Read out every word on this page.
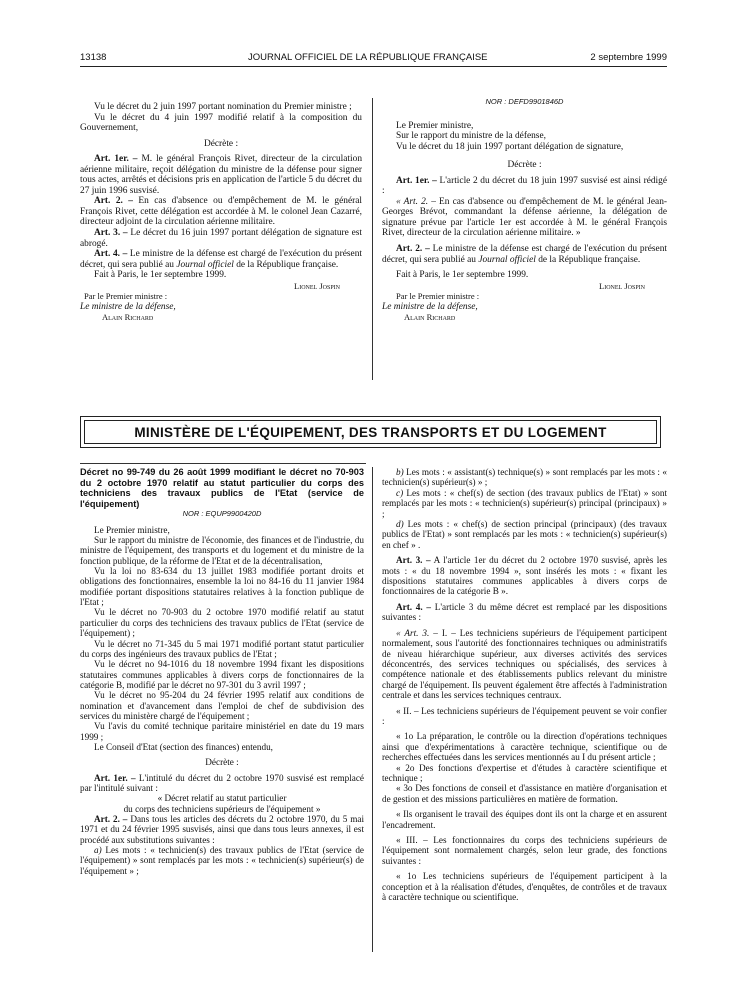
13138	JOURNAL OFFICIEL DE LA RÉPUBLIQUE FRANÇAISE	2 septembre 1999

Vu le décret du 2 juin 1997 portant nomination du Premier ministre ;

Vu le décret du 4 juin 1997 modifié relatif à la composition du Gouvernement,

Décrète :

Art. 1er. – M. le général François Rivet, directeur de la circulation aérienne militaire, reçoit délégation du ministre de la défense pour signer tous actes, arrêtés et décisions pris en application de l'article 5 du décret du 27 juin 1996 susvisé.

Art. 2. – En cas d'absence ou d'empêchement de M. le général François Rivet, cette délégation est accordée à M. le colonel Jean Cazarré, directeur adjoint de la circulation aérienne militaire.

Art. 3. – Le décret du 16 juin 1997 portant délégation de signature est abrogé.

Art. 4. – Le ministre de la défense est chargé de l'exécution du présent décret, qui sera publié au Journal officiel de la République française.

Fait à Paris, le 1er septembre 1999.

Lionel Jospin

Par le Premier ministre :

Le ministre de la défense,

Alain Richard

NOR : DEFD9901846D

Le Premier ministre,

Sur le rapport du ministre de la défense,

Vu le décret du 18 juin 1997 portant délégation de signature,

Décrète :

Art. 1er. – L'article 2 du décret du 18 juin 1997 susvisé est ainsi rédigé :

« Art. 2. – En cas d'absence ou d'empêchement de M. le général Jean-Georges Brévot, commandant la défense aérienne, la délégation de signature prévue par l'article 1er est accordée à M. le général François Rivet, directeur de la circulation aérienne militaire. »

Art. 2. – Le ministre de la défense est chargé de l'exécution du présent décret, qui sera publié au Journal officiel de la République française.

Fait à Paris, le 1er septembre 1999.

Lionel Jospin

Par le Premier ministre :

Le ministre de la défense,

Alain Richard

MINISTÈRE DE L'ÉQUIPEMENT, DES TRANSPORTS ET DU LOGEMENT

Décret no 99-749 du 26 août 1999 modifiant le décret no 70-903 du 2 octobre 1970 relatif au statut particulier du corps des techniciens des travaux publics de l'Etat (service de l'équipement)

NOR : EQUP9900420D

Le Premier ministre,

Sur le rapport du ministre de l'économie, des finances et de l'industrie, du ministre de l'équipement, des transports et du logement et du ministre de la fonction publique, de la réforme de l'Etat et de la décentralisation,

Vu la loi no 83-634 du 13 juillet 1983 modifiée portant droits et obligations des fonctionnaires, ensemble la loi no 84-16 du 11 janvier 1984 modifiée portant dispositions statutaires relatives à la fonction publique de l'Etat ;

Vu le décret no 70-903 du 2 octobre 1970 modifié relatif au statut particulier du corps des techniciens des travaux publics de l'Etat (service de l'équipement) ;

Vu le décret no 71-345 du 5 mai 1971 modifié portant statut particulier du corps des ingénieurs des travaux publics de l'Etat ;

Vu le décret no 94-1016 du 18 novembre 1994 fixant les dispositions statutaires communes applicables à divers corps de fonctionnaires de la catégorie B, modifié par le décret no 97-301 du 3 avril 1997 ;

Vu le décret no 95-204 du 24 février 1995 relatif aux conditions de nomination et d'avancement dans l'emploi de chef de subdivision des services du ministère chargé de l'équipement ;

Vu l'avis du comité technique paritaire ministériel en date du 19 mars 1999 ;

Le Conseil d'Etat (section des finances) entendu,

Décrète :

Art. 1er. – L'intitulé du décret du 2 octobre 1970 susvisé est remplacé par l'intitulé suivant :

« Décret relatif au statut particulier

du corps des techniciens supérieurs de l'équipement »

Art. 2. – Dans tous les articles des décrets du 2 octobre 1970, du 5 mai 1971 et du 24 février 1995 susvisés, ainsi que dans tous leurs annexes, il est procédé aux substitutions suivantes :

a) Les mots : « technicien(s) des travaux publics de l'Etat (service de l'équipement) » sont remplacés par les mots : « technicien(s) supérieur(s) de l'équipement » ;

b) Les mots : « assistant(s) technique(s) » sont remplacés par les mots : « technicien(s) supérieur(s) » ;

c) Les mots : « chef(s) de section (des travaux publics de l'Etat) » sont remplacés par les mots : « technicien(s) supérieur(s) principal (principaux) » ;

d) Les mots : « chef(s) de section principal (principaux) (des travaux publics de l'Etat) » sont remplacés par les mots : « technicien(s) supérieur(s) en chef » .

Art. 3. – A l'article 1er du décret du 2 octobre 1970 susvisé, après les mots : « du 18 novembre 1994 », sont insérés les mots : « fixant les dispositions statutaires communes applicables à divers corps de fonctionnaires de la catégorie B ».

Art. 4. – L'article 3 du même décret est remplacé par les dispositions suivantes :

« Art. 3. – I. – Les techniciens supérieurs de l'équipement participent normalement, sous l'autorité des fonctionnaires techniques ou administratifs de niveau hiérarchique supérieur, aux diverses activités des services déconcentrés, des services techniques ou spécialisés, des services à compétence nationale et des établissements publics relevant du ministre chargé de l'équipement. Ils peuvent également être affectés à l'administration centrale et dans les services techniques centraux.

« II. – Les techniciens supérieurs de l'équipement peuvent se voir confier :

« 1o La préparation, le contrôle ou la direction d'opérations techniques ainsi que d'expérimentations à caractère technique, scientifique ou de recherches effectuées dans les services mentionnés au I du présent article ;

« 2o Des fonctions d'expertise et d'études à caractère scientifique et technique ;

« 3o Des fonctions de conseil et d'assistance en matière d'organisation et de gestion et des missions particulières en matière de formation.

« Ils organisent le travail des équipes dont ils ont la charge et en assurent l'encadrement.

« III. – Les fonctionnaires du corps des techniciens supérieurs de l'équipement sont normalement chargés, selon leur grade, des fonctions suivantes :

« 1o Les techniciens supérieurs de l'équipement participent à la conception et à la réalisation d'études, d'enquêtes, de contrôles et de travaux à caractère technique ou scientifique.
